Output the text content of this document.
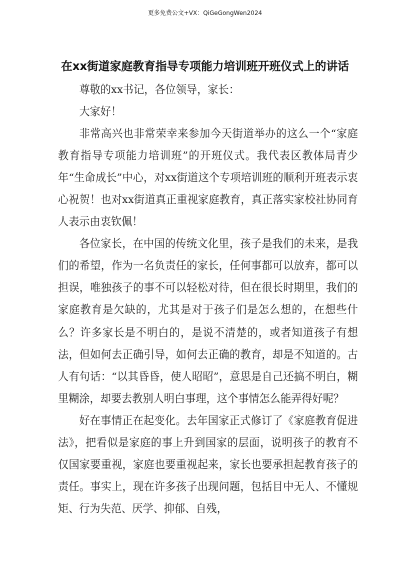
更多免费公文+VX：QiGeGongWen2024
在xx街道家庭教育指导专项能力培训班开班仪式上的讲话

尊敬的xx书记，各位领导，家长：

大家好！

非常高兴也非常荣幸来参加今天街道举办的这么一个“家庭教育指导专项能力培训班”的开班仪式。我代表区教体局青少年“生命成长”中心，对xx街道这个专项培训班的顺利开班表示衷心祝贺！也对xx街道真正重视家庭教育，真正落实家校社协同育人表示由衷钦佩！

各位家长，在中国的传统文化里，孩子是我们的未来，是我们的希望，作为一名负责任的家长，任何事都可以放弃，都可以担误，唯独孩子的事不可以轻松对待，但在很长时期里，我们的家庭教育是欠缺的，尤其是对于孩子们是怎么想的，在想些什么？许多家长是不明白的，是说不清楚的，或者知道孩子有想法，但如何去正确引导，如何去正确的教育，却是不知道的。古人有句话：“以其昏昏，使人昭昭”，意思是自己还搞不明白，糊里糊涂，却要去教别人明白事理，这个事情怎么能弄得好呢？

好在事情正在起变化。去年国家正式修订了《家庭教育促进法》，把看似是家庭的事上升到国家的层面，说明孩子的教育不仅国家要重视，家庭也要重视起来，家长也要承担起教育孩子的责任。事实上，现在许多孩子出现问题，包括目中无人、不懂规矩、行为失范、厌学、抑郁、自残，
